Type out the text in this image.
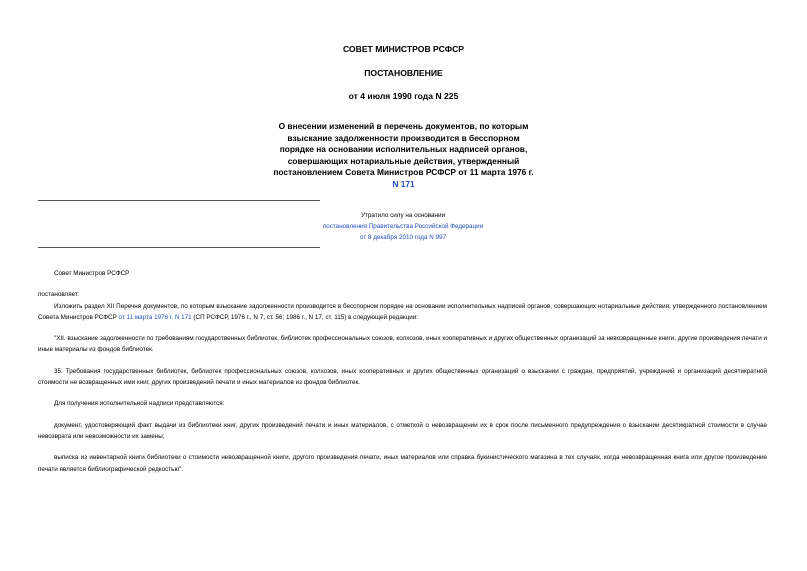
СОВЕТ МИНИСТРОВ РСФСР
ПОСТАНОВЛЕНИЕ
от 4 июля 1990 года N 225
О внесении изменений в перечень документов, по которым взыскание задолженности производится в бесспорном порядке на основании исполнительных надписей органов, совершающих нотариальные действия, утвержденный постановлением Совета Министров РСФСР от 11 марта 1976 г. N 171
Утратило силу на основании
постановления Правительства Российской Федерации
от 8 декабря 2010 года N 997

Совет Министров РСФСР

постановляет:

Изложить раздел XII Перечня документов, по которым взыскание задолженности производится в бесспорном порядке на основании исполнительных надписей органов, совершающих нотариальные действия, утвержденного постановлением Совета Министров РСФСР от 11 марта 1976 г. N 171 (СП РСФСР, 1976 г., N 7, ст. 56; 1986 г., N 17, ст. 115) в следующей редакции:

"XII. взыскание задолженности по требованиям государственных библиотек, библиотек профессиональных союзов, колхозов, иных кооперативных и других общественных организаций за невозвращенные книги, другие произведения печати и иные материалы из фондов библиотек.

35. Требования государственных библиотек, библиотек профессиональных союзов, колхозов, иных кооперативных и других общественных организаций о взыскании с граждан, предприятий, учреждений и организаций десятикратной стоимости не возвращенных ими книг, других произведений печати и иных материалов из фондов библиотек.

Для получения исполнительной надписи представляются:

документ, удостоверяющий факт выдачи из библиотеки книг, других произведений печати и иных материалов, с отметкой о невозвращении их в срок после письменного предупреждения о взыскании десятикратной стоимости в случае невозврата или невозможности их замены;

выписка из инвентарной книги библиотеки о стоимости невозвращенной книги, другого произведения печати, иных материалов или справка букинистического магазина в тех случаях, когда невозвращенная книга или другое произведение печати является библиографической редкостью".
